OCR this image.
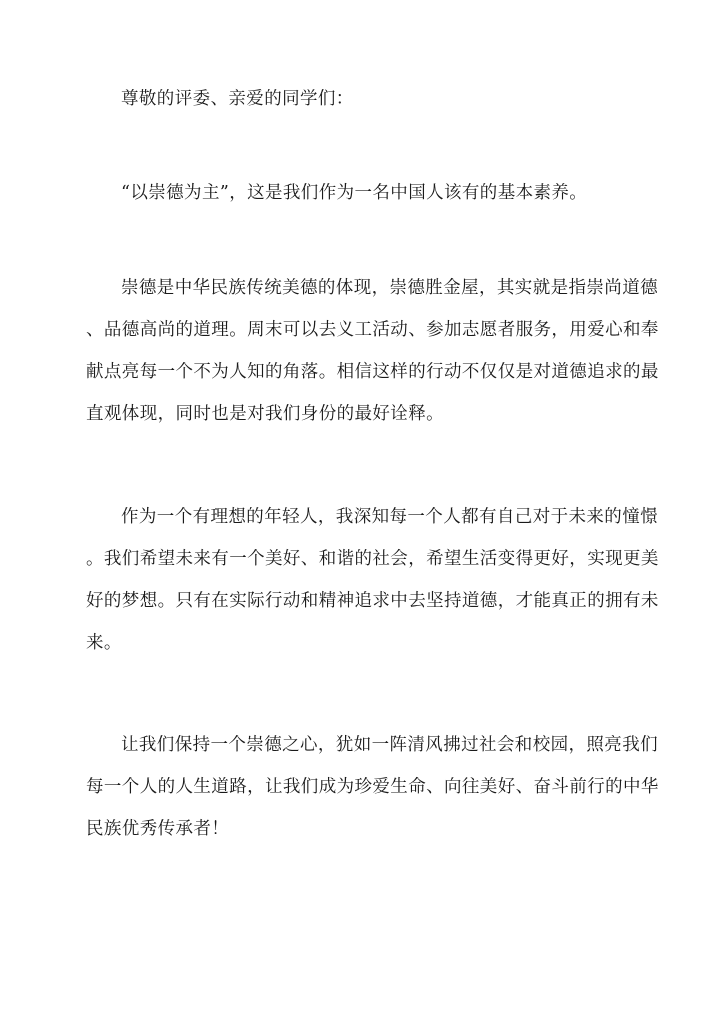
尊敬的评委、亲爱的同学们：

“以崇德为主”，这是我们作为一名中国人该有的基本素养。

崇德是中华民族传统美德的体现，崇德胜金屋，其实就是指崇尚道德
、品德高尚的道理。周末可以去义工活动、参加志愿者服务，用爱心和奉
献点亮每一个不为人知的角落。相信这样的行动不仅仅是对道德追求的最
直观体现，同时也是对我们身份的最好诠释。

作为一个有理想的年轻人，我深知每一个人都有自己对于未来的憧憬
。我们希望未来有一个美好、和谐的社会，希望生活变得更好，实现更美
好的梦想。只有在实际行动和精神追求中去坚持道德，才能真正的拥有未
来。

让我们保持一个崇德之心，犹如一阵清风拂过社会和校园，照亮我们
每一个人的人生道路，让我们成为珍爱生命、向往美好、奋斗前行的中华
民族优秀传承者！
